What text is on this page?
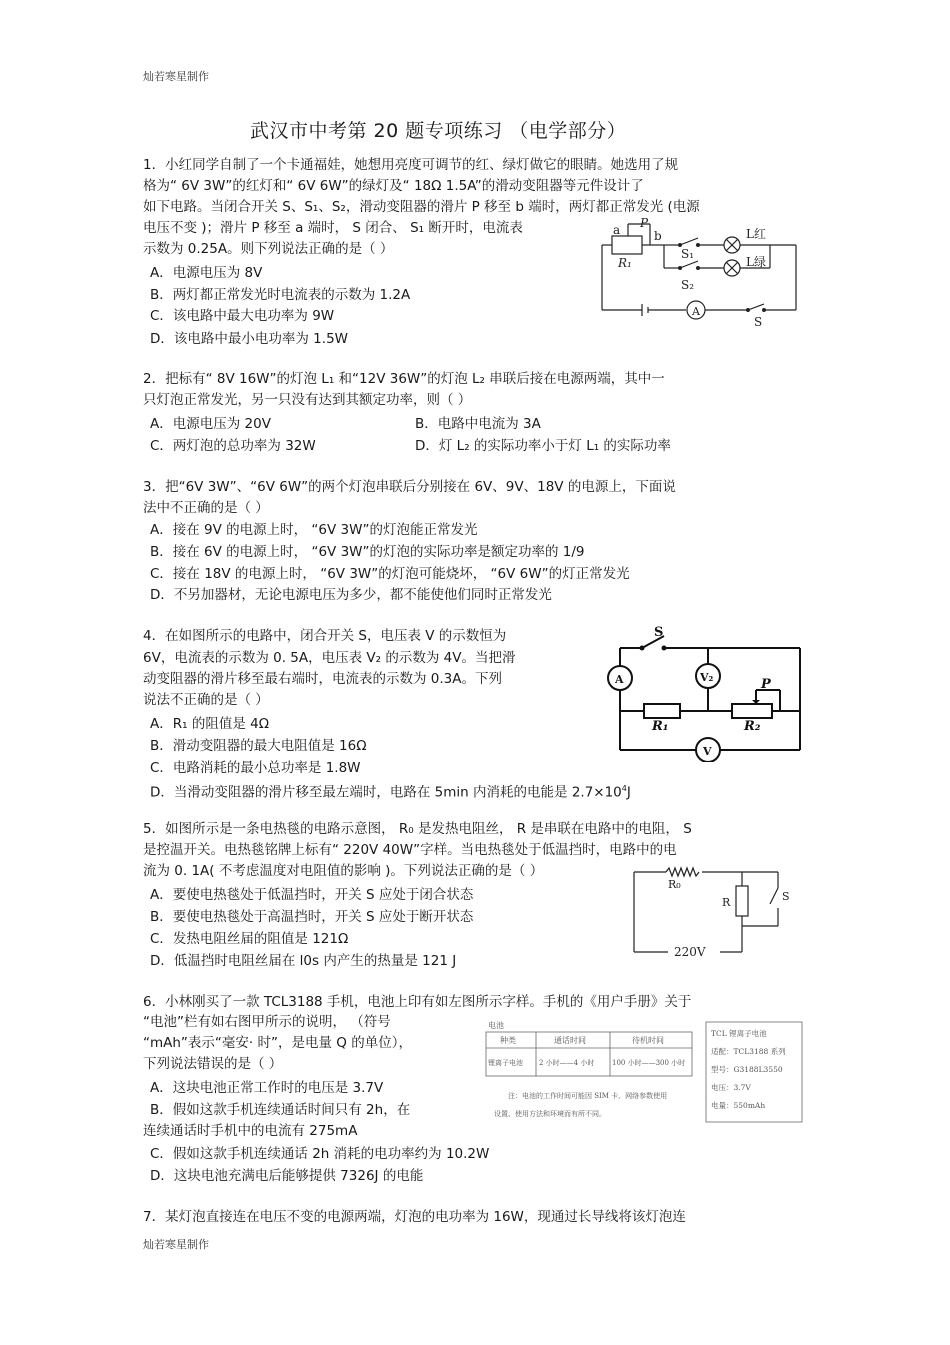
灿若寒星制作
灿若寒星制作
武汉市中考第 20 题专项练习 （电学部分）
1．小红同学自制了一个卡通福娃，她想用亮度可调节的红、绿灯做它的眼睛。她选用了规
格为“ 6V 3W”的红灯和“ 6V 6W”的绿灯及“ 18Ω 1.5A”的滑动变阻器等元件设计了
如下电路。当闭合开关 S、S₁、S₂，滑动变阻器的滑片 P 移至 b 端时，两灯都正常发光 (电源
电压不变 )；滑片 P 移至 a 端时， S 闭合、 S₁ 断开时，电流表
示数为 0.25A。则下列说法正确的是（ ）
A．电源电压为 8V
B．两灯都正常发光时电流表的示数为 1.2A
C．该电路中最大电功率为 9W
D．该电路中最小电功率为 1.5W
a P
b
R₁
S₁
S₂
L红
L绿
A
S
2．把标有“ 8V 16W”的灯泡 L₁ 和“12V 36W”的灯泡 L₂ 串联后接在电源两端，其中一
只灯泡正常发光，另一只没有达到其额定功率，则（ ）
A．电源电压为 20V	B．电路中电流为 3A
C．两灯泡的总功率为 32W	D．灯 L₂ 的实际功率小于灯 L₁ 的实际功率
3．把“6V 3W”、“6V 6W”的两个灯泡串联后分别接在 6V、9V、18V 的电源上，下面说
法中不正确的是（ ）
A．接在 9V 的电源上时， “6V 3W”的灯泡能正常发光
B．接在 6V 的电源上时， “6V 3W”的灯泡的实际功率是额定功率的 1/9
C．接在 18V 的电源上时， “6V 3W”的灯泡可能烧坏， “6V 6W”的灯正常发光
D．不另加器材，无论电源电压为多少，都不能使他们同时正常发光
4．在如图所示的电路中，闭合开关 S，电压表 V 的示数恒为
6V，电流表的示数为 0. 5A，电压表 V₂ 的示数为 4V。当把滑
动变阻器的滑片移至最右端时，电流表的示数为 0.3A。下列
说法不正确的是（ ）
A．R₁ 的阻值是 4Ω
B．滑动变阻器的最大电阻值是 16Ω
C．电路消耗的最小总功率是 1.8W
D．当滑动变阻器的滑片移至最左端时，电路在 5min 内消耗的电能是 $2.7\times 10^4J$
S
A	V₂	P
R₁	R₂
V
5．如图所示是一条电热毯的电路示意图， R₀ 是发热电阻丝， R 是串联在电路中的电阻， S
是控温开关。电热毯铭牌上标有“ 220V 40W”字样。当电热毯处于低温挡时，电路中的电
流为 0. 1A( 不考虑温度对电阻值的影响 )。下列说法正确的是（ ）
A．要使电热毯处于低温挡时，开关 S 应处于闭合状态
B．要使电热毯处于高温挡时，开关 S 应处于断开状态
C．发热电阻丝届的阻值是 121Ω
D．低温挡时电阻丝届在 l0s 内产生的热量是 121 J
R₀
R	S
220V
6．小林刚买了一款 TCL3188 手机，电池上印有如左图所示字样。手机的《用户手册》关于
“电池”栏有如右图甲所示的说明， （符号
“mAh”表示“毫安· 时”，是电量 Q 的单位），
下列说法错误的是（ ）
A．这块电池正常工作时的电压是 3.7V
B．假如这款手机连续通话时间只有 2h，在
连续通话时手机中的电流有 275mA
C．假如这款手机连续通话 2h 消耗的电功率约为 10.2W
D．这块电池充满电后能够提供 7326J 的电能
电池
种类	通话时间	待机时间
锂离子电池 2 小时——4 小时	100 小时——300 小时
注：电池的工作时间可能因 SIM 卡、网络参数使用
设置、使用方法和环境而有所不同。
TCL 锂离子电池
适配：TCL3188 系列
型号：G3188L3550
电压：3.7V
电量：550mAh
7．某灯泡直接连在电压不变的电源两端，灯泡的电功率为 16W，现通过长导线将该灯泡连
